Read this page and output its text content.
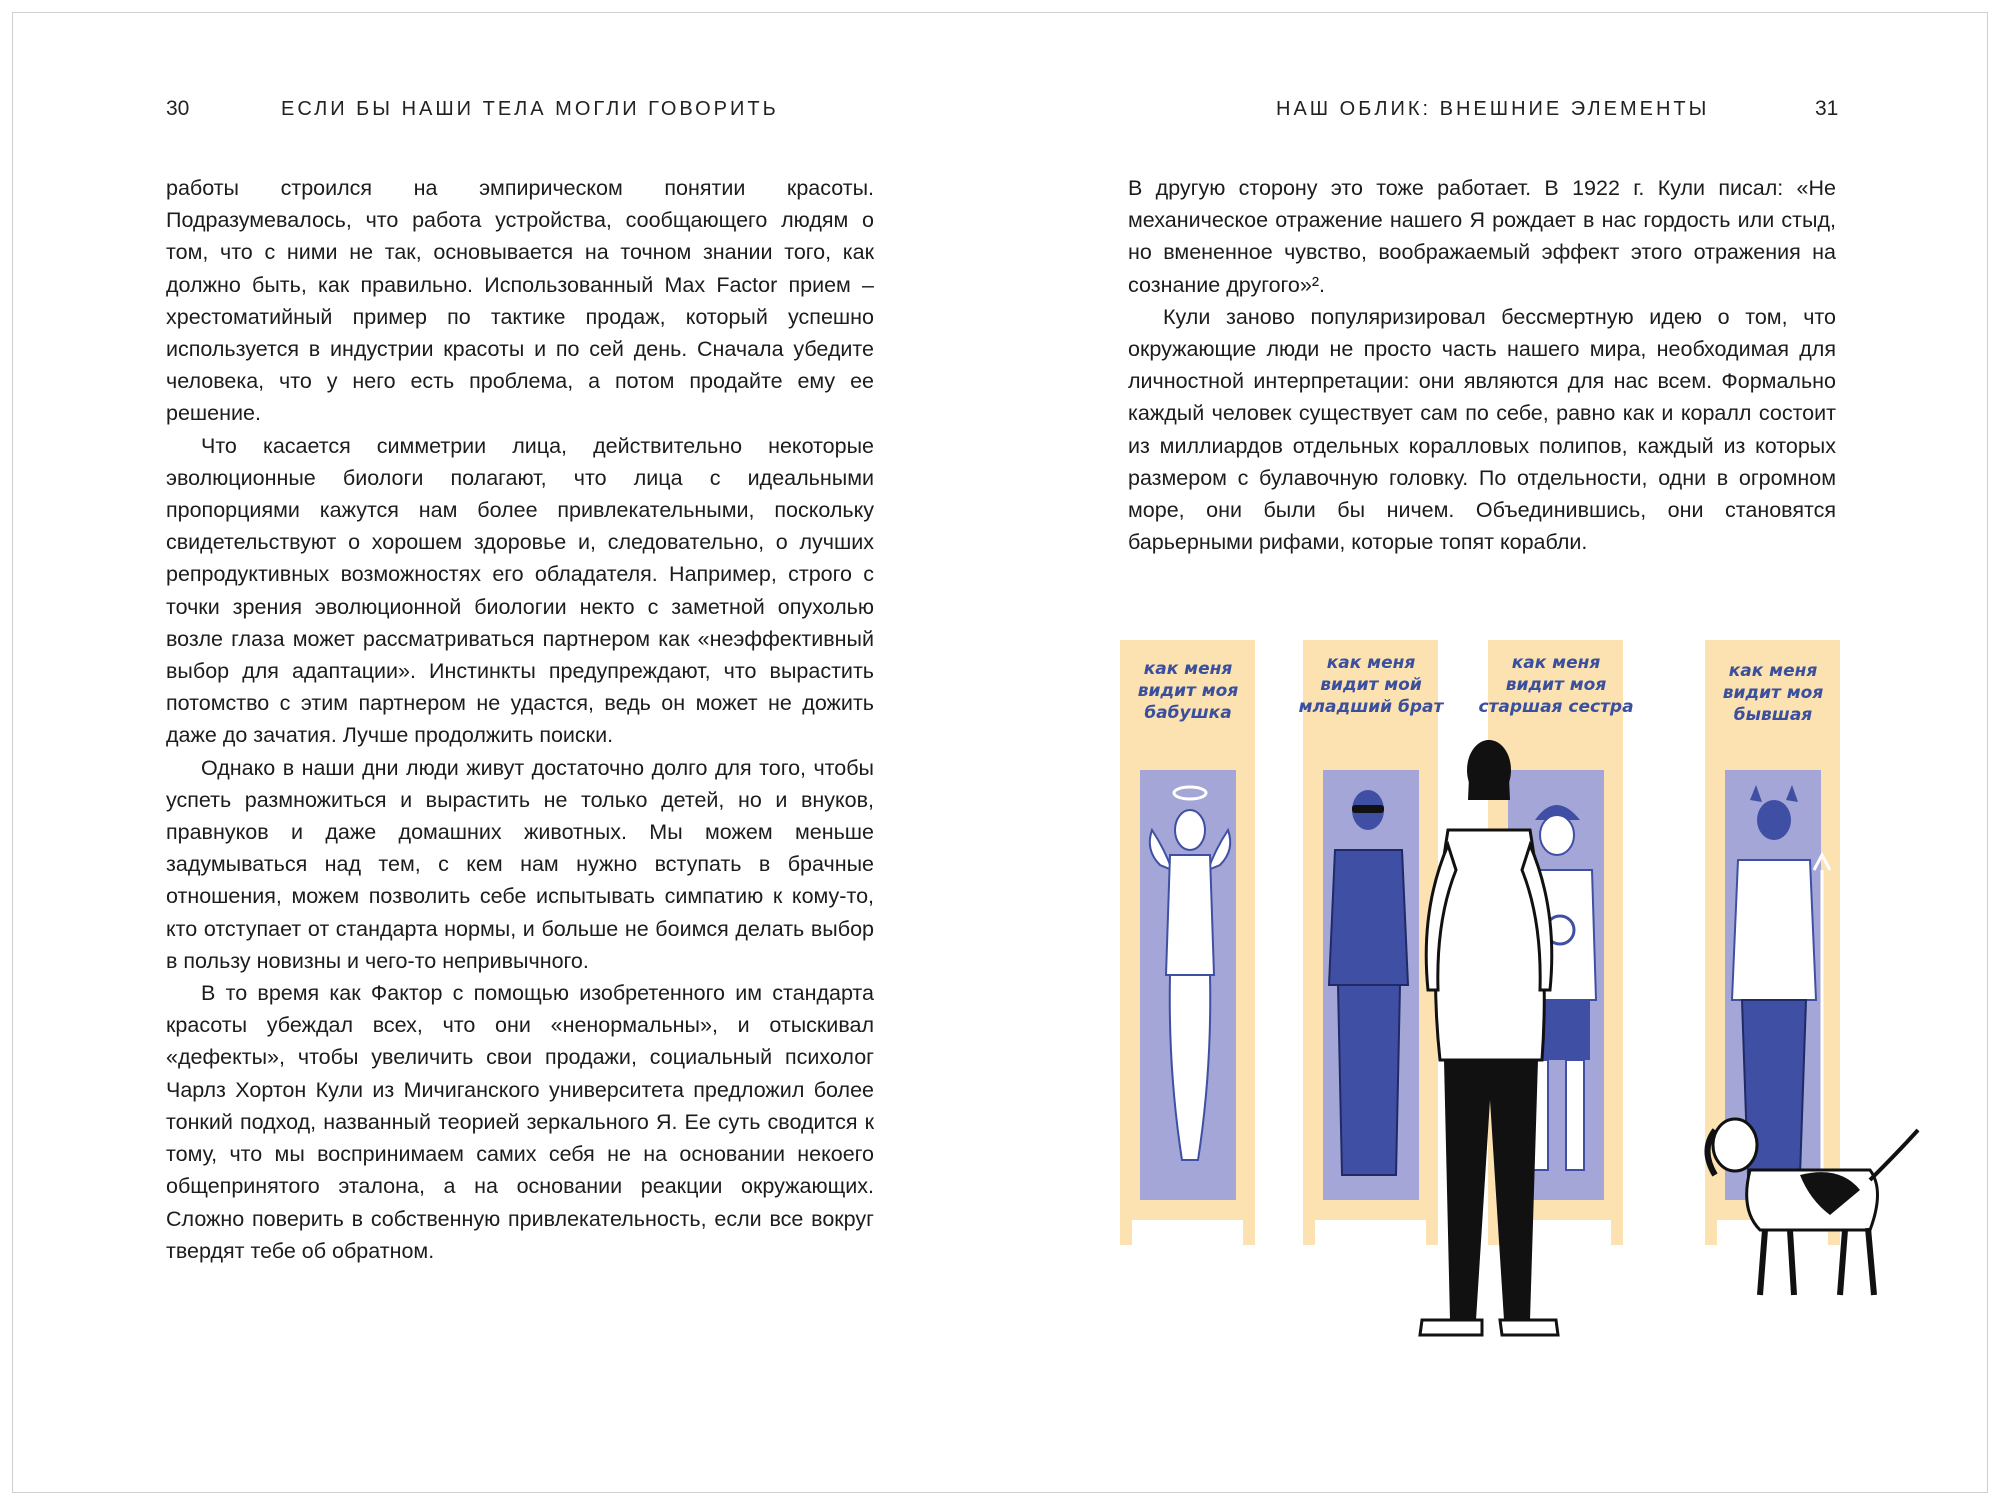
30	ЕСЛИ БЫ НАШИ ТЕЛА МОГЛИ ГОВОРИТЬ

работы строился на эмпирическом понятии красоты. Подразумевалось, что работа устройства, сообщающего людям о том, что с ними не так, основывается на точном знании того, как должно быть, как правильно. Использованный Max Factor прием – хрестоматийный пример по тактике продаж, который успешно используется в индустрии красоты и по сей день. Сначала убедите человека, что у него есть проблема, а потом продайте ему ее решение.

Что касается симметрии лица, действительно некоторые эволюционные биологи полагают, что лица с идеальными пропорциями кажутся нам более привлекательными, поскольку свидетельствуют о хорошем здоровье и, следовательно, о лучших репродуктивных возможностях его обладателя. Например, строго с точки зрения эволюционной биологии некто с заметной опухолью возле глаза может рассматриваться партнером как «неэффективный выбор для адаптации». Инстинкты предупреждают, что вырастить потомство с этим партнером не удастся, ведь он может не дожить даже до зачатия. Лучше продолжить поиски.

Однако в наши дни люди живут достаточно долго для того, чтобы успеть размножиться и вырастить не только детей, но и внуков, правнуков и даже домашних животных. Мы можем меньше задумываться над тем, с кем нам нужно вступать в брачные отношения, можем позволить себе испытывать симпатию к кому-то, кто отступает от стандарта нормы, и больше не боимся делать выбор в пользу новизны и чего-то непривычного.

В то время как Фактор с помощью изобретенного им стандарта красоты убеждал всех, что они «ненормальны», и отыскивал «дефекты», чтобы увеличить свои продажи, социальный психолог Чарлз Хортон Кули из Мичиганского университета предложил более тонкий подход, названный теорией зеркального Я. Ее суть сводится к тому, что мы воспринимаем самих себя не на основании некоего общепринятого эталона, а на основании реакции окружающих. Сложно поверить в собственную привлекательность, если все вокруг твердят тебе об обратном.

НАШ ОБЛИК: ВНЕШНИЕ ЭЛЕМЕНТЫ	31

В другую сторону это тоже работает. В 1922 г. Кули писал: «Не механическое отражение нашего Я рождает в нас гордость или стыд, но вмененное чувство, воображаемый эффект этого отражения на сознание другого»².

Кули заново популяризировал бессмертную идею о том, что окружающие люди не просто часть нашего мира, необходимая для личностной интерпретации: они являются для нас всем. Формально каждый человек существует сам по себе, равно как и коралл состоит из миллиардов отдельных коралловых полипов, каждый из которых размером с булавочную головку. По отдельности, одни в огромном море, они были бы ничем. Объединившись, они становятся барьерными рифами, которые топят корабли.

как меня
видит моя
бабушка
как меня
видит мой
младший брат
как меня
видит моя
старшая сестра
как меня
видит моя
бывшая
